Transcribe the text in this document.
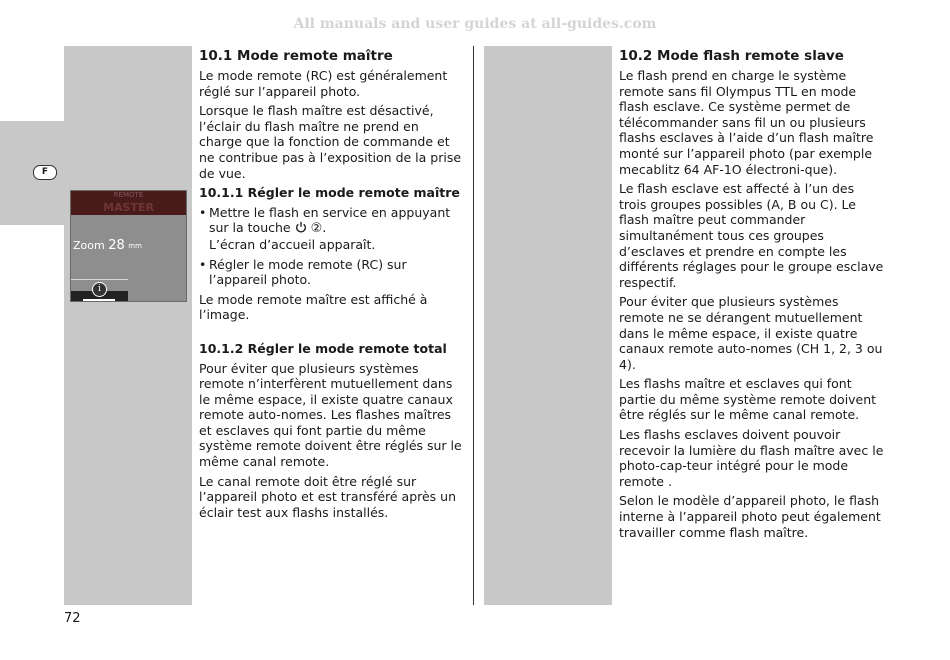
All manuals and user guides at all-guides.com
F
REMOTE
MASTER
Zoom 28 mm
i
10.1 Mode remote maître

Le mode remote (RC) est généralement réglé sur l’appareil photo.

Lorsque le flash maître est désactivé, l’éclair du flash maître ne prend en charge que la fonction de commande et ne contribue pas à l’exposition de la prise de vue.

10.1.1 Régler le mode remote maître
• Mettre le flash en service en appuyant sur la touche ②.
L’écran d’accueil apparaît.
• Régler le mode remote (RC) sur l’appareil photo.

Le mode remote maître est affiché à l’image.

10.1.2 Régler le mode remote total

Pour éviter que plusieurs systèmes remote n’interfèrent mutuellement dans le même espace, il existe quatre canaux remote auto-nomes. Les flashes maîtres et esclaves qui font partie du même système remote doivent être réglés sur le même canal remote.

Le canal remote doit être réglé sur l’appareil photo et est transféré après un éclair test aux flashs installés.

10.2 Mode flash remote slave

Le flash prend en charge le système remote sans fil Olympus TTL en mode flash esclave. Ce système permet de télécommander sans fil un ou plusieurs flashs esclaves à l’aide d’un flash maître monté sur l’appareil photo (par exemple mecablitz 64 AF-1O électroni-que).

Le flash esclave est affecté à l’un des trois groupes possibles (A, B ou C). Le flash maître peut commander simultanément tous ces groupes d’esclaves et prendre en compte les différents réglages pour le groupe esclave respectif.

Pour éviter que plusieurs systèmes remote ne se dérangent mutuellement dans le même espace, il existe quatre canaux remote auto-nomes (CH 1, 2, 3 ou 4).

Les flashs maître et esclaves qui font partie du même système remote doivent être réglés sur le même canal remote.

Les flashs esclaves doivent pouvoir recevoir la lumière du flash maître avec le photo-cap-teur intégré pour le mode remote .

Selon le modèle d’appareil photo, le flash interne à l’appareil photo peut également travailler comme flash maître.

72
